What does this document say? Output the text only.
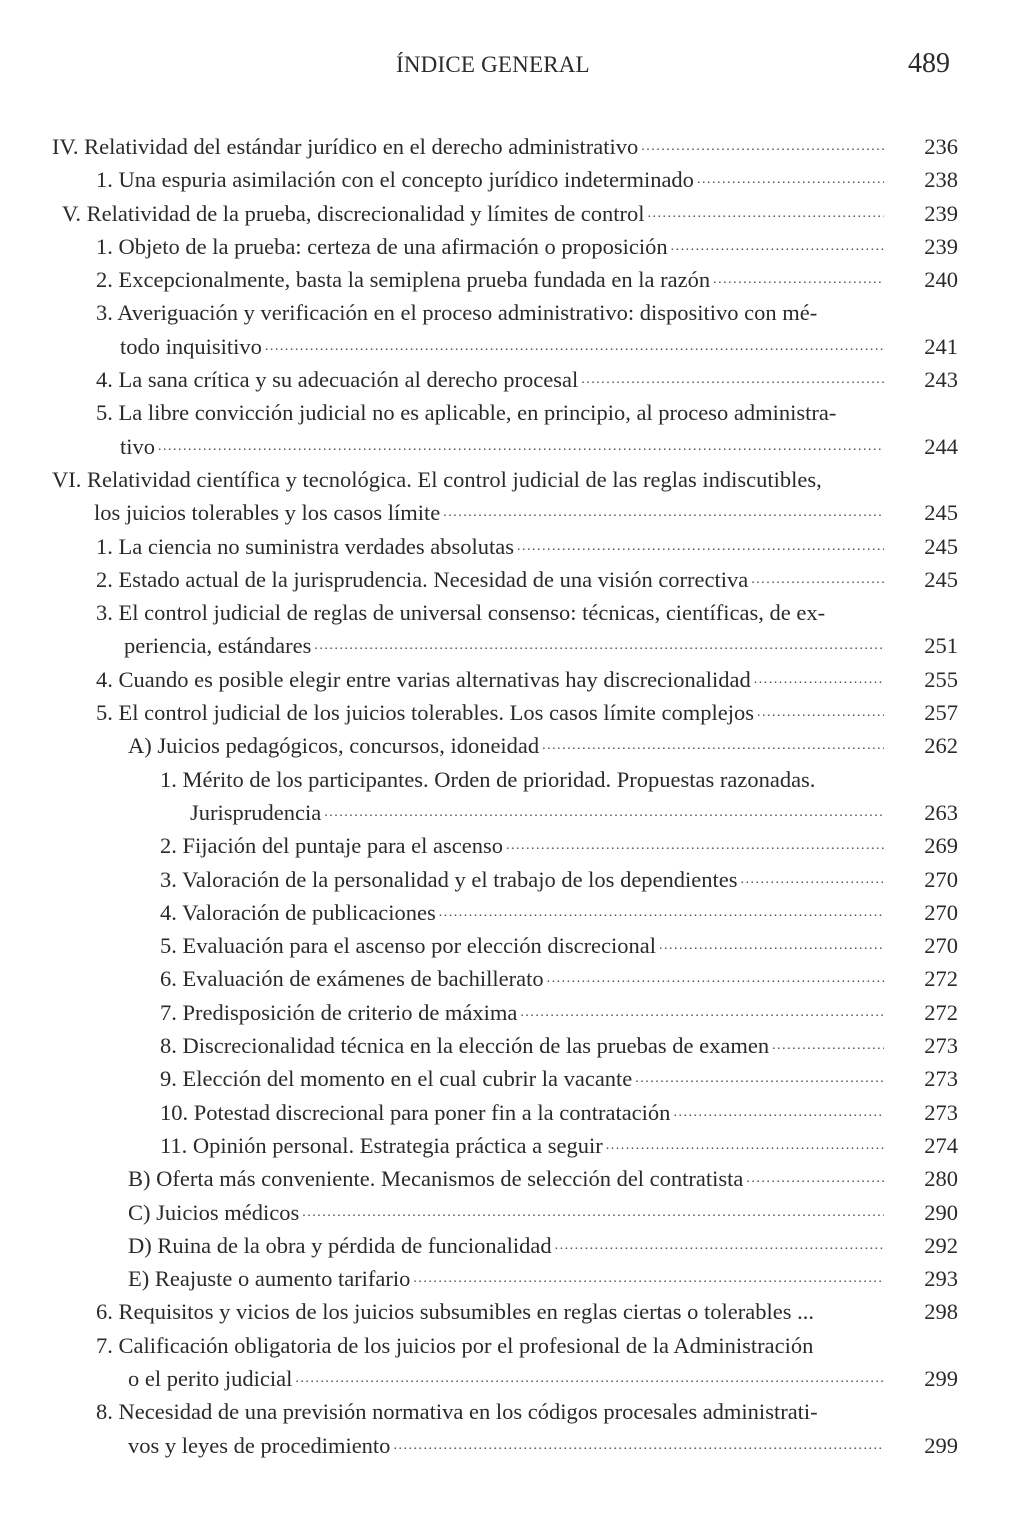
ÍNDICE GENERAL	489
IV. Relatividad del estándar jurídico en el derecho administrativo .....	236
1. Una espuria asimilación con el concepto jurídico indeterminado .....	238
V. Relatividad de la prueba, discrecionalidad y límites de control .....	239
1. Objeto de la prueba: certeza de una afirmación o proposición .....	239
2. Excepcionalmente, basta la semiplena prueba fundada en la razón .....	240
3. Averiguación y verificación en el proceso administrativo: dispositivo con mé-
todo inquisitivo .....	241
4. La sana crítica y su adecuación al derecho procesal .....	243
5. La libre convicción judicial no es aplicable, en principio, al proceso administra-
tivo .....	244
VI. Relatividad científica y tecnológica. El control judicial de las reglas indiscutibles,
los juicios tolerables y los casos límite .....	245
1. La ciencia no suministra verdades absolutas .....	245
2. Estado actual de la jurisprudencia. Necesidad de una visión correctiva .....	245
3. El control judicial de reglas de universal consenso: técnicas, científicas, de ex-
periencia, estándares .....	251
4. Cuando es posible elegir entre varias alternativas hay discrecionalidad .....	255
5. El control judicial de los juicios tolerables. Los casos límite complejos .....	257
A) Juicios pedagógicos, concursos, idoneidad .....	262
1. Mérito de los participantes. Orden de prioridad. Propuestas razonadas.
Jurisprudencia .....	263
2. Fijación del puntaje para el ascenso .....	269
3. Valoración de la personalidad y el trabajo de los dependientes .....	270
4. Valoración de publicaciones .....	270
5. Evaluación para el ascenso por elección discrecional .....	270
6. Evaluación de exámenes de bachillerato .....	272
7. Predisposición de criterio de máxima .....	272
8. Discrecionalidad técnica en la elección de las pruebas de examen .....	273
9. Elección del momento en el cual cubrir la vacante .....	273
10. Potestad discrecional para poner fin a la contratación .....	273
11. Opinión personal. Estrategia práctica a seguir .....	274
B) Oferta más conveniente. Mecanismos de selección del contratista .....	280
C) Juicios médicos .....	290
D) Ruina de la obra y pérdida de funcionalidad .....	292
E) Reajuste o aumento tarifario .....	293
6. Requisitos y vicios de los juicios subsumibles en reglas ciertas o tolerables ...	298
7. Calificación obligatoria de los juicios por el profesional de la Administración
o el perito judicial .....	299
8. Necesidad de una previsión normativa en los códigos procesales administrati-
vos y leyes de procedimiento .....	299
